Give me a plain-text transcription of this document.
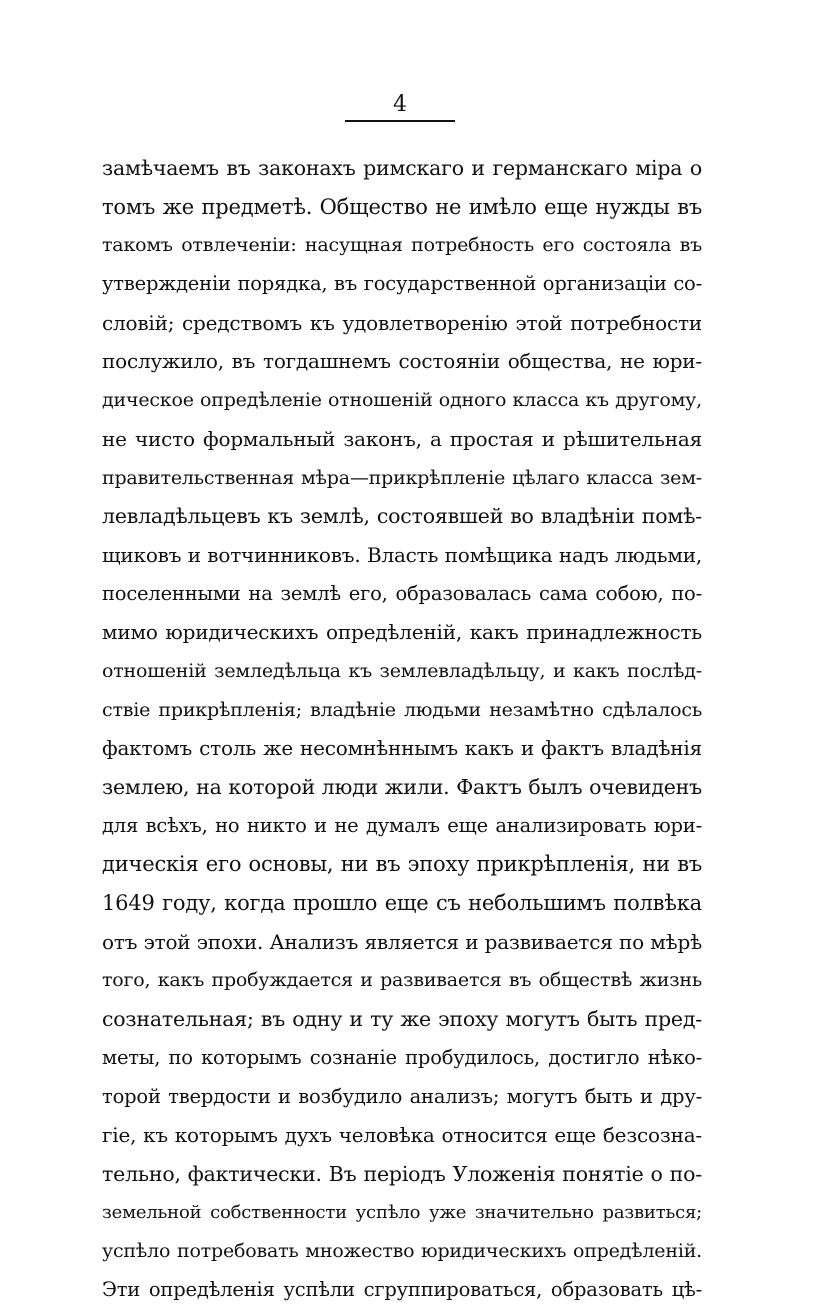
4
замѣчаемъ въ законахъ римскаго и германскаго міра о
томъ же предметѣ. Общество не имѣло еще нужды въ
такомъ отвлеченіи: насущная потребность его состояла въ
утвержденіи порядка, въ государственной организаціи со-
словій; средствомъ къ удовлетворенію этой потребности
послужило, въ тогдашнемъ состояніи общества, не юри-
дическое опредѣленіе отношеній одного класса къ другому,
не чисто формальный законъ, а простая и рѣшительная
правительственная мѣра—прикрѣпленіе цѣлаго класса зем-
левладѣльцевъ къ землѣ, состоявшей во владѣніи помѣ-
щиковъ и вотчинниковъ. Власть помѣщика надъ людьми,
поселенными на землѣ его, образовалась сама собою, по-
мимо юридическихъ опредѣленій, какъ принадлежность
отношеній земледѣльца къ землевладѣльцу, и какъ послѣд-
ствіе прикрѣпленія; владѣніе людьми незамѣтно сдѣлалось
фактомъ столь же несомнѣннымъ какъ и фактъ владѣнія
землею, на которой люди жили. Фактъ былъ очевиденъ
для всѣхъ, но никто и не думалъ еще анализировать юри-
дическія его основы, ни въ эпоху прикрѣпленія, ни въ
1649 году, когда прошло еще съ небольшимъ полвѣка
отъ этой эпохи. Анализъ является и развивается по мѣрѣ
того, какъ пробуждается и развивается въ обществѣ жизнь
сознательная; въ одну и ту же эпоху могутъ быть пред-
меты, по которымъ сознаніе пробудилось, достигло нѣко-
торой твердости и возбудило анализъ; могутъ быть и дру-
гіе, къ которымъ духъ человѣка относится еще безсозна-
тельно, фактически. Въ періодъ Уложенія понятіе о по-
земельной собственности успѣло уже значительно развиться;
успѣло потребовать множество юридическихъ опредѣленій.
Эти опредѣленія успѣли сгруппироваться, образовать цѣ-
